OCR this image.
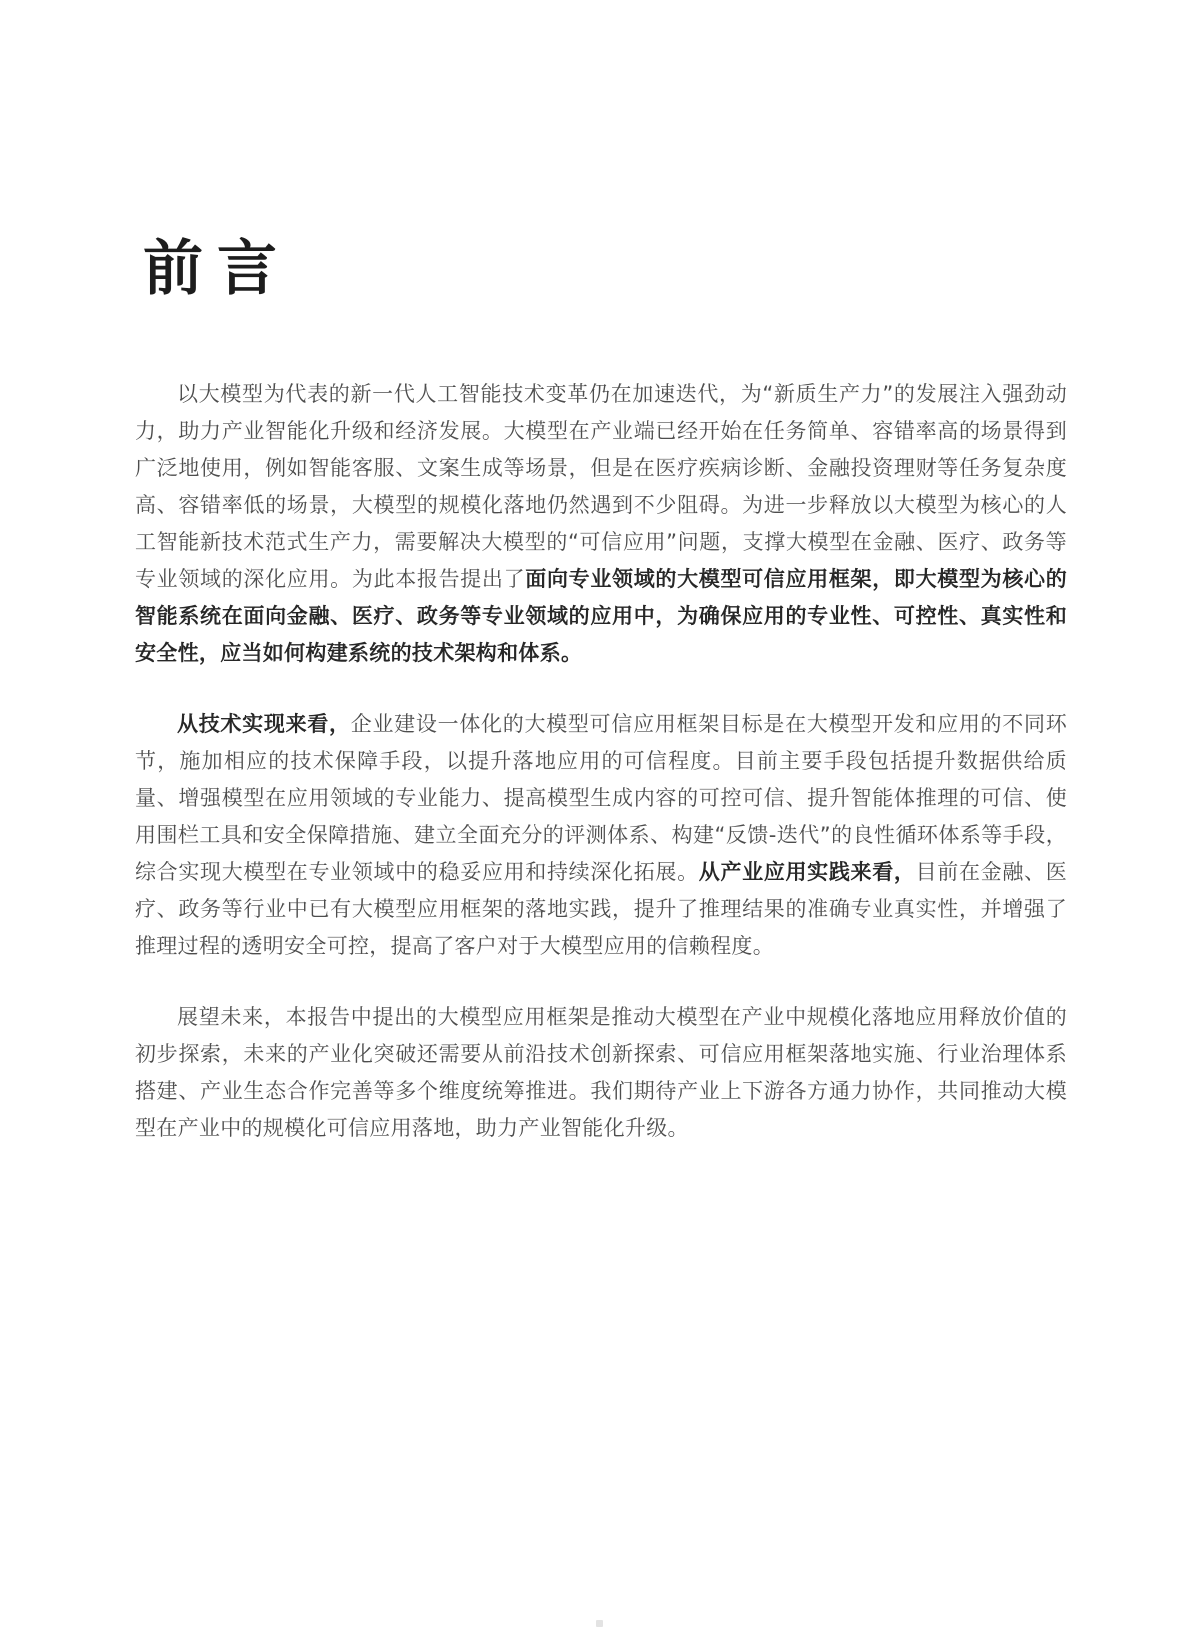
前言

以大模型为代表的新一代人工智能技术变革仍在加速迭代，为“新质生产力”的发展注入强劲动力，助力产业智能化升级和经济发展。大模型在产业端已经开始在任务简单、容错率高的场景得到广泛地使用，例如智能客服、文案生成等场景，但是在医疗疾病诊断、金融投资理财等任务复杂度高、容错率低的场景，大模型的规模化落地仍然遇到不少阻碍。为进一步释放以大模型为核心的人工智能新技术范式生产力，需要解决大模型的“可信应用”问题，支撑大模型在金融、医疗、政务等专业领域的深化应用。为此本报告提出了面向专业领域的大模型可信应用框架，即大模型为核心的智能系统在面向金融、医疗、政务等专业领域的应用中，为确保应用的专业性、可控性、真实性和安全性，应当如何构建系统的技术架构和体系。

从技术实现来看，企业建设一体化的大模型可信应用框架目标是在大模型开发和应用的不同环节，施加相应的技术保障手段，以提升落地应用的可信程度。目前主要手段包括提升数据供给质量、增强模型在应用领域的专业能力、提高模型生成内容的可控可信、提升智能体推理的可信、使用围栏工具和安全保障措施、建立全面充分的评测体系、构建“反馈-迭代”的良性循环体系等手段，综合实现大模型在专业领域中的稳妥应用和持续深化拓展。从产业应用实践来看，目前在金融、医疗、政务等行业中已有大模型应用框架的落地实践，提升了推理结果的准确专业真实性，并增强了推理过程的透明安全可控，提高了客户对于大模型应用的信赖程度。

展望未来，本报告中提出的大模型应用框架是推动大模型在产业中规模化落地应用释放价值的初步探索，未来的产业化突破还需要从前沿技术创新探索、可信应用框架落地实施、行业治理体系搭建、产业生态合作完善等多个维度统筹推进。我们期待产业上下游各方通力协作，共同推动大模型在产业中的规模化可信应用落地，助力产业智能化升级。
